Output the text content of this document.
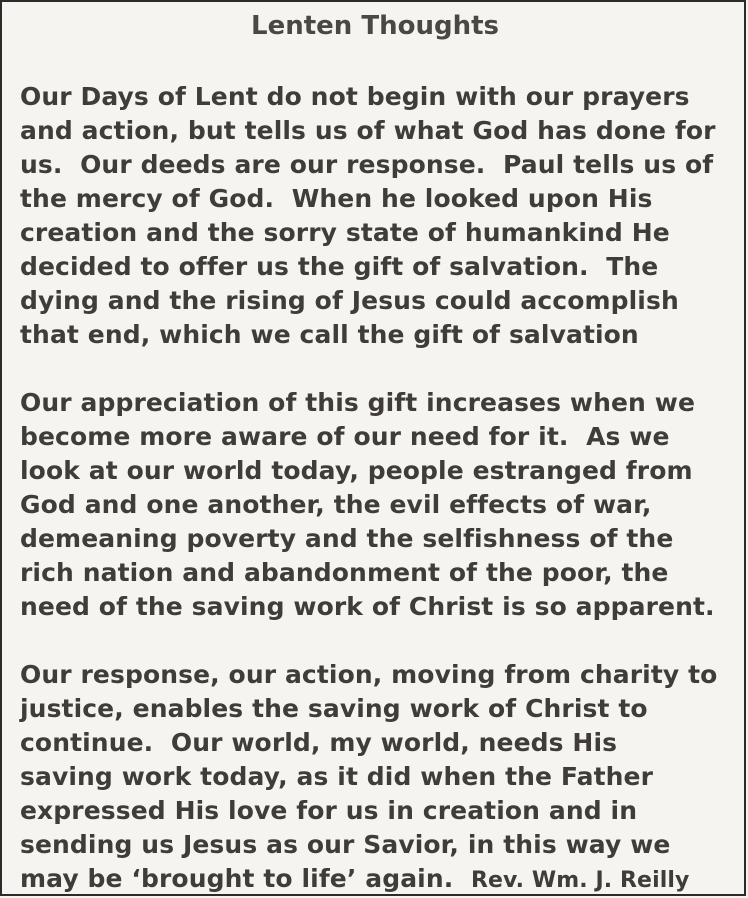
Lenten Thoughts
Our Days of Lent do not begin with our prayers
and action, but tells us of what God has done for
us.  Our deeds are our response.  Paul tells us of
the mercy of God.  When he looked upon His
creation and the sorry state of humankind He
decided to offer us the gift of salvation.  The
dying and the rising of Jesus could accomplish
that end, which we call the gift of salvation
Our appreciation of this gift increases when we
become more aware of our need for it.  As we
look at our world today, people estranged from
God and one another, the evil effects of war,
demeaning poverty and the selfishness of the
rich nation and abandonment of the poor, the
need of the saving work of Christ is so apparent.
Our response, our action, moving from charity to
justice, enables the saving work of Christ to
continue.  Our world, my world, needs His
saving work today, as it did when the Father
expressed His love for us in creation and in
sending us Jesus as our Savior, in this way we
may be ‘brought to life’ again. Rev. Wm. J. Reilly
